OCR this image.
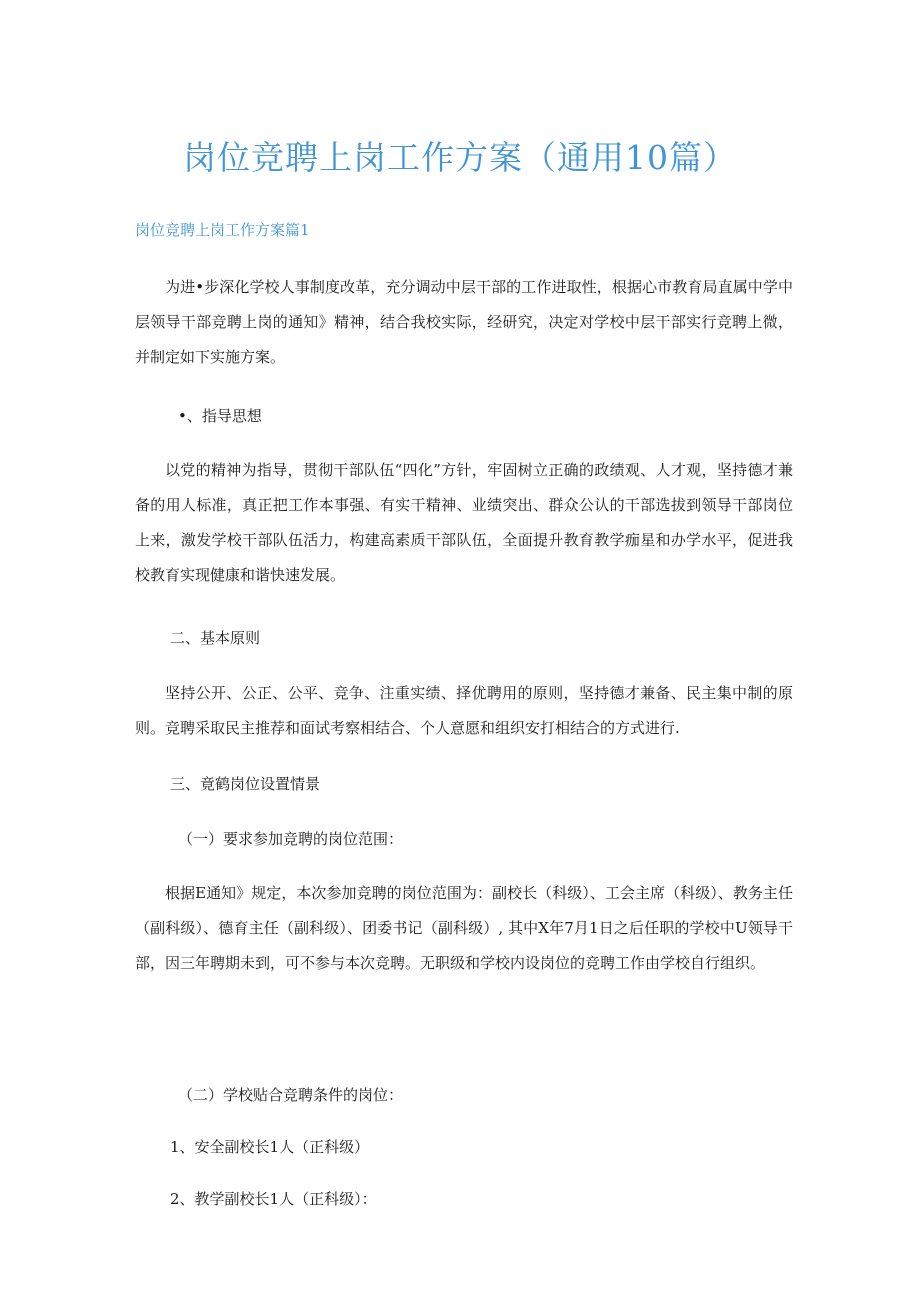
岗位竞聘上岗工作方案（通用10篇）
岗位竞聘上岗工作方案篇1

为进•步深化学校人事制度改革，充分调动中层干部的工作进取性，根据心市教育局直属中学中层领导干部竞聘上岗的通知》精神，结合我校实际，经研究，决定对学校中层干部实行竞聘上微，并制定如下实施方案。

•、指导思想

以党的精神为指导，贯彻干部队伍“四化”方针，牢固树立正确的政绩观、人才观，坚持德才兼备的用人标准，真正把工作本事强、有实干精神、业绩突出、群众公认的干部选拔到领导干部岗位上来，激发学校干部队伍活力，构建高素质干部队伍，全面提升教育教学痂星和办学水平，促进我校教育实现健康和谐快速发展。

二、基本原则

坚持公开、公正、公平、竞争、注重实绩、择优聘用的原则，坚持德才兼备、民主集中制的原则。竞聘采取民主推荐和面试考察相结合、个人意愿和组织安打相结合的方式进行.

三、竟鹤岗位设置情景

（一）要求参加竞聘的岗位范围：

根据E通知》规定，本次参加竞聘的岗位范围为：副校长（科级）、工会主席（科级）、教务主任（副科级）、德育主任（副科级）、团委书记（副科级）, 其中X年7月1日之后任职的学校中U领导干部，因三年聘期未到，可不参与本次竞聘。无职级和学校内设岗位的竞聘工作由学校自行组织。

（二）学校贴合竞聘条件的岗位：

1、安全副校长1人（正科级）

2、教学副校长1人（正科级）：
